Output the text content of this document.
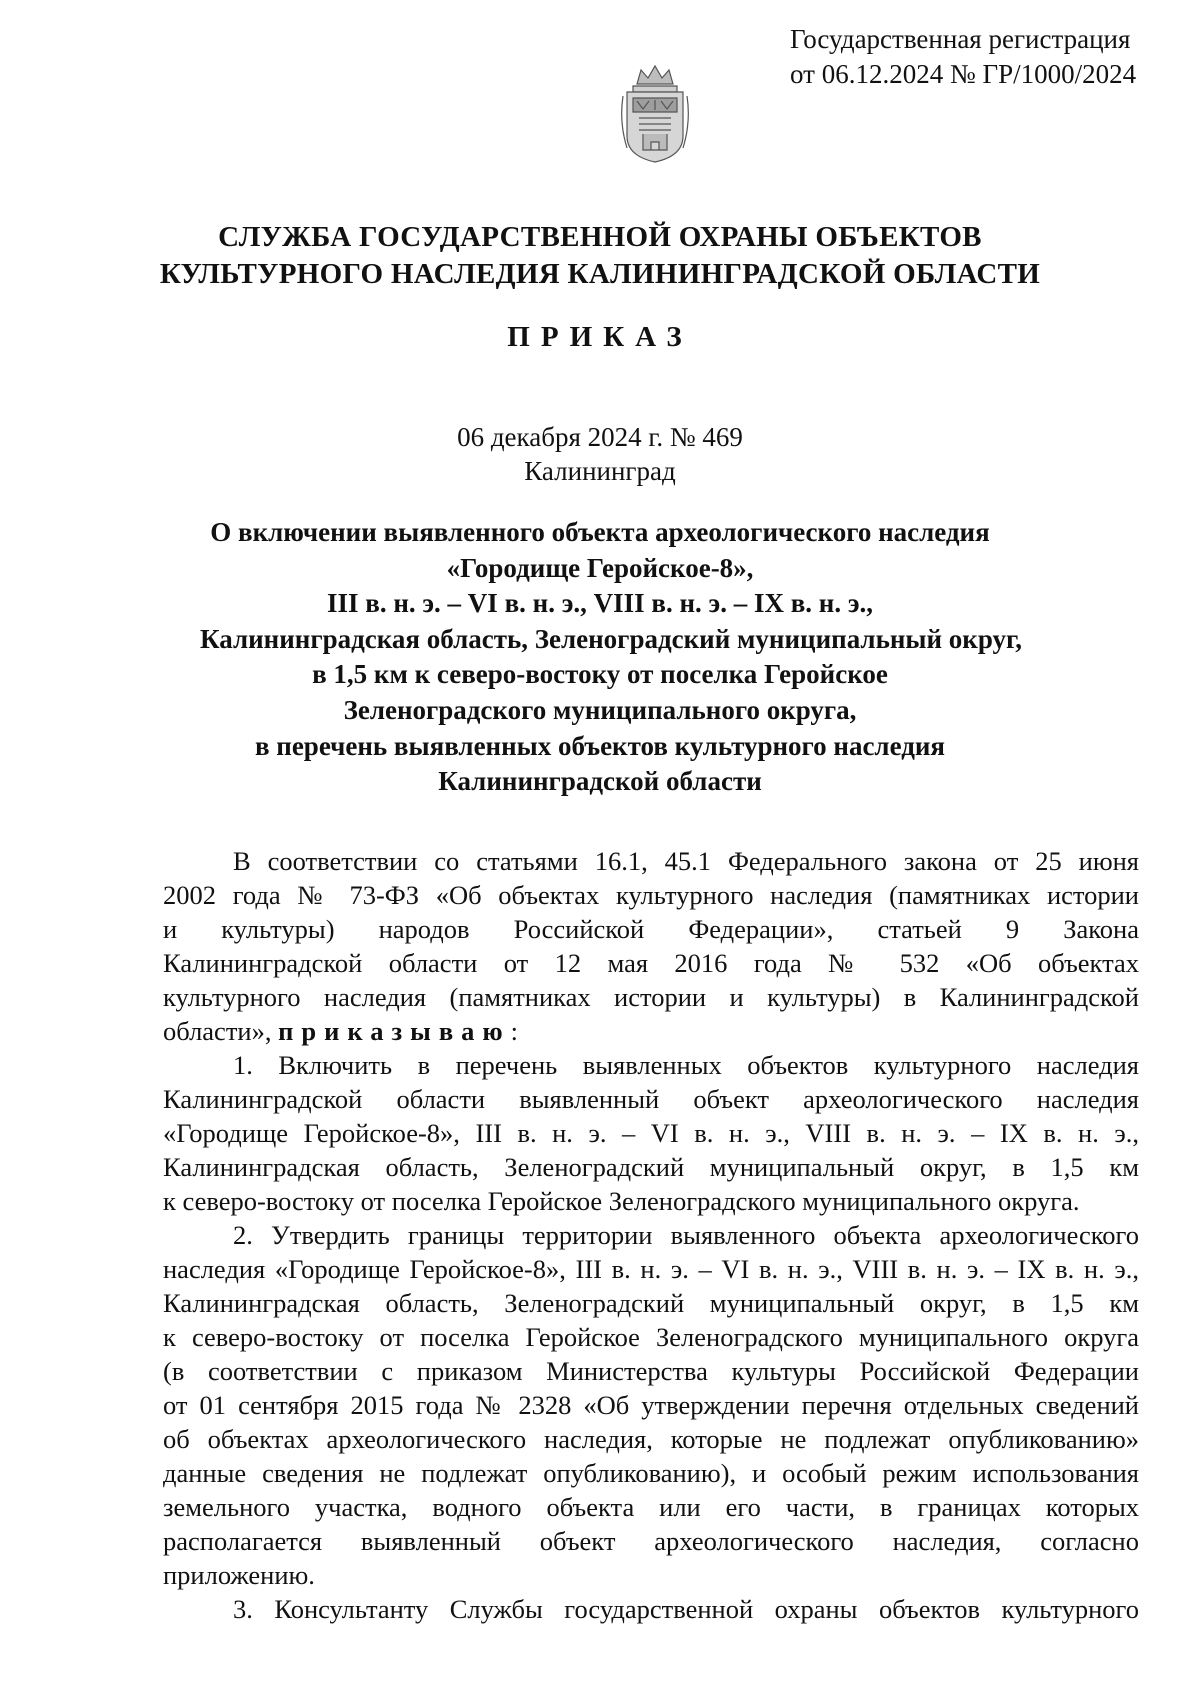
Государственная регистрация
от 06.12.2024 № ГР/1000/2024
СЛУЖБА ГОСУДАРСТВЕННОЙ ОХРАНЫ ОБЪЕКТОВ
КУЛЬТУРНОГО НАСЛЕДИЯ КАЛИНИНГРАДСКОЙ ОБЛАСТИ
ПРИКАЗ
06 декабря 2024 г. № 469
Калининград
О включении выявленного объекта археологического наследия
«Городище Геройское-8»,
III в. н. э. – VI в. н. э., VIII в. н. э. – IX в. н. э.,
Калининградская область, Зеленоградский муниципальный округ,
в 1,5 км к северо-востоку от поселка Геройское
Зеленоградского муниципального округа,
в перечень выявленных объектов культурного наследия
Калининградской области
В соответствии со статьями 16.1, 45.1 Федерального закона от 25 июня
2002 года № 73-ФЗ «Об объектах культурного наследия (памятниках истории
и культуры) народов Российской Федерации», статьей 9 Закона
Калининградской области от 12 мая 2016 года № 532 «Об объектах
культурного наследия (памятниках истории и культуры) в Калининградской
области», приказываю:
1. Включить в перечень выявленных объектов культурного наследия
Калининградской области выявленный объект археологического наследия
«Городище Геройское-8», III в. н. э. – VI в. н. э., VIII в. н. э. – IX в. н. э.,
Калининградская область, Зеленоградский муниципальный округ, в 1,5 км
к северо-востоку от поселка Геройское Зеленоградского муниципального округа.
2. Утвердить границы территории выявленного объекта археологического
наследия «Городище Геройское-8», III в. н. э. – VI в. н. э., VIII в. н. э. – IX в. н. э.,
Калининградская область, Зеленоградский муниципальный округ, в 1,5 км
к северо-востоку от поселка Геройское Зеленоградского муниципального округа
(в соответствии с приказом Министерства культуры Российской Федерации
от 01 сентября 2015 года № 2328 «Об утверждении перечня отдельных сведений
об объектах археологического наследия, которые не подлежат опубликованию»
данные сведения не подлежат опубликованию), и особый режим использования
земельного участка, водного объекта или его части, в границах которых
располагается выявленный объект археологического наследия, согласно
приложению.
3. Консультанту Службы государственной охраны объектов культурного
